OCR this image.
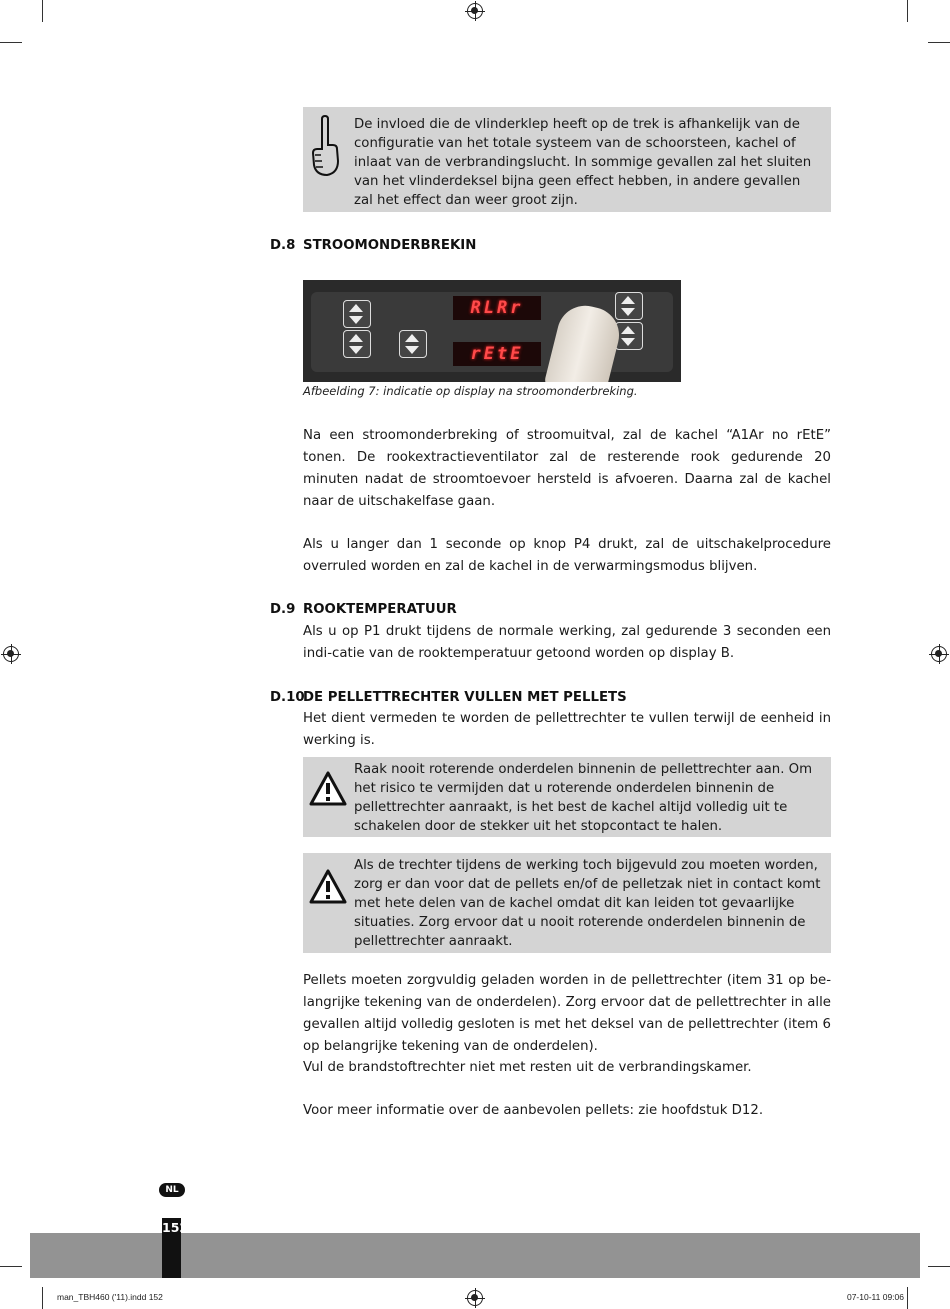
De invloed die de vlinderklep heeft op de trek is afhankelijk van de configuratie van het totale systeem van de schoorsteen, kachel of inlaat van de verbrandingslucht. In sommige gevallen zal het sluiten van het vlinderdeksel bijna geen effect hebben, in andere gevallen zal het effect dan weer groot zijn.
D.8 STROOMONDERBREKIN
RLRr
rEtE
Afbeelding 7: indicatie op display na stroomonderbreking.
Na een stroomonderbreking of stroomuitval, zal de kachel “A1Ar no rEtE” tonen. De rookextractieventilator zal de resterende rook gedurende 20 minuten nadat de stroomtoevoer hersteld is afvoeren. Daarna zal de kachel naar de uitschakelfase gaan.
Als u langer dan 1 seconde op knop P4 drukt, zal de uitschakelprocedure overruled worden en zal de kachel in de verwarmingsmodus blijven.
D.9 ROOKTEMPERATUUR
Als u op P1 drukt tijdens de normale werking, zal gedurende 3 seconden een indi-catie van de rooktemperatuur getoond worden op display B.
D.10DE PELLETTRECHTER VULLEN MET PELLETS
Het dient vermeden te worden de pellettrechter te vullen terwijl de eenheid in werking is.
Raak nooit roterende onderdelen binnenin de pellettrechter aan. Om het risico te vermijden dat u roterende onderdelen binnenin de pellettrechter aanraakt, is het best de kachel altijd volledig uit te schakelen door de stekker uit het stopcontact te halen.
Als de trechter tijdens de werking toch bijgevuld zou moeten worden, zorg er dan voor dat de pellets en/of de pelletzak niet in contact komt met hete delen van de kachel omdat dit kan leiden tot gevaarlijke situaties. Zorg ervoor dat u nooit roterende onderdelen binnenin de pellettrechter aanraakt.
Pellets moeten zorgvuldig geladen worden in de pellettrechter (item 31 op be-langrijke tekening van de onderdelen). Zorg ervoor dat de pellettrechter in alle gevallen altijd volledig gesloten is met het deksel van de pellettrechter (item 6 op belangrijke tekening van de onderdelen).
Vul de brandstoftrechter niet met resten uit de verbrandingskamer.
Voor meer informatie over de aanbevolen pellets: zie hoofdstuk D12.
NL
152
man_TBH460 ('11).indd 152	07-10-11 09:06
